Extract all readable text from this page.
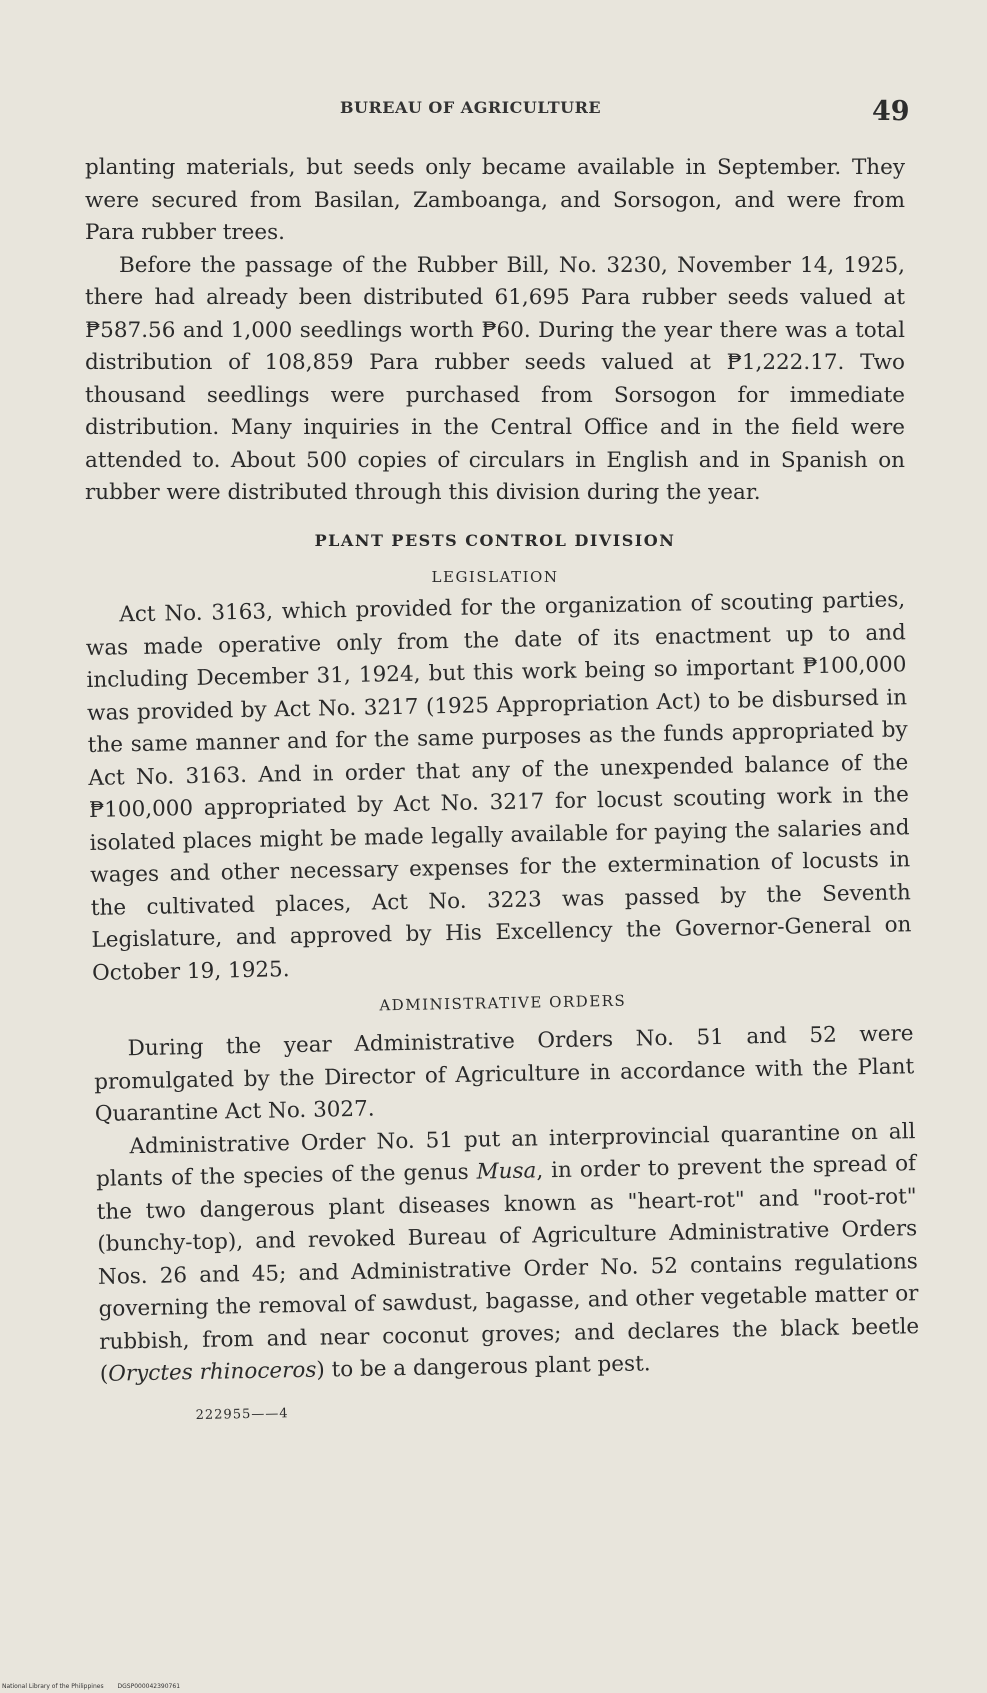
BUREAU OF AGRICULTURE	49

planting materials, but seeds only became available in September. They were secured from Basilan, Zamboanga, and Sorsogon, and were from Para rubber trees.

Before the passage of the Rubber Bill, No. 3230, November 14, 1925, there had already been distributed 61,695 Para rubber seeds valued at ₱587.56 and 1,000 seedlings worth ₱60. During the year there was a total distribution of 108,859 Para rubber seeds valued at ₱1,222.17. Two thousand seedlings were purchased from Sorsogon for immediate distribution. Many inquiries in the Central Office and in the field were attended to. About 500 copies of circulars in English and in Spanish on rubber were distributed through this division during the year.

PLANT PESTS CONTROL DIVISION
LEGISLATION

Act No. 3163, which provided for the organization of scouting parties, was made operative only from the date of its enactment up to and including December 31, 1924, but this work being so important ₱100,000 was provided by Act No. 3217 (1925 Appropriation Act) to be disbursed in the same manner and for the same purposes as the funds appropriated by Act No. 3163. And in order that any of the unexpended balance of the ₱100,000 appropriated by Act No. 3217 for locust scouting work in the isolated places might be made legally available for paying the salaries and wages and other necessary expenses for the extermination of locusts in the cultivated places, Act No. 3223 was passed by the Seventh Legislature, and approved by His Excellency the Governor-General on October 19, 1925.

ADMINISTRATIVE ORDERS

During the year Administrative Orders No. 51 and 52 were promulgated by the Director of Agriculture in accordance with the Plant Quarantine Act No. 3027.

Administrative Order No. 51 put an interprovincial quarantine on all plants of the species of the genus Musa, in order to prevent the spread of the two dangerous plant diseases known as "heart-rot" and "root-rot" (bunchy-top), and revoked Bureau of Agriculture Administrative Orders Nos. 26 and 45; and Administrative Order No. 52 contains regulations governing the removal of sawdust, bagasse, and other vegetable matter or rubbish, from and near coconut groves; and declares the black beetle (Oryctes rhinoceros) to be a dangerous plant pest.

222955——4
National Library of the Philippines DGSP000042390761
